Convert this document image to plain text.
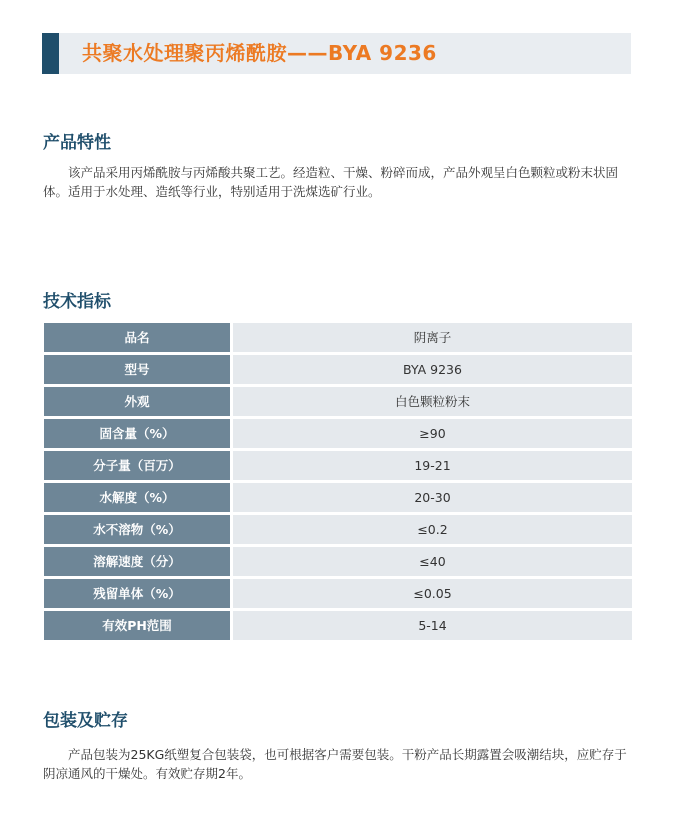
共聚水处理聚丙烯酰胺——BYA 9236
产品特性

该产品采用丙烯酰胺与丙烯酸共聚工艺。经造粒、干燥、粉碎而成，产品外观呈白色颗粒或粉末状固体。适用于水处理、造纸等行业，特别适用于洗煤选矿行业。

技术指标
品名	阴离子
型号	BYA 9236
外观	白色颗粒粉末
固含量（%）	≥90
分子量（百万）	19-21
水解度（%）	20-30
水不溶物（%）	≤0.2
溶解速度（分）	≤40
残留单体（%）	≤0.05
有效PH范围	5-14
包装及贮存

产品包装为25KG纸塑复合包装袋，也可根据客户需要包装。干粉产品长期露置会吸潮结块，应贮存于阴凉通风的干燥处。有效贮存期2年。
